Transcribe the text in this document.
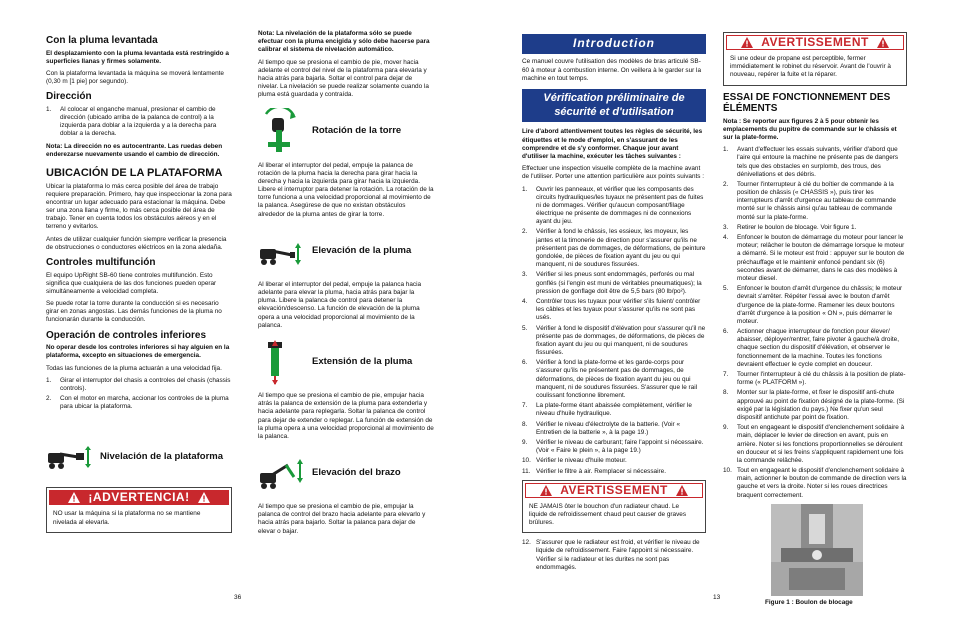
Con la pluma levantada

El desplazamiento con la pluma levantada está restringido a superficies llanas y firmes solamente.

Con la plataforma levantada la máquina se moverá lentamente (0,30 m [1 pie] por segundo).

Dirección
1.	Al colocar el enganche manual, presionar el cambio de dirección (ubicado arriba de la palanca de control) a la izquierda para doblar a la izquierda y a la derecha para doblar a la derecha.

Nota: La dirección no es autocentrante. Las ruedas deben enderezarse nuevamente usando el cambio de dirección.

UBICACIÓN DE LA PLATAFORMA

Ubicar la plataforma lo más cerca posible del área de trabajo requiere preparación. Primero, hay que inspeccionar la zona para encontrar un lugar adecuado para estacionar la máquina. Debe ser una zona llana y firme, lo más cerca posible del área de trabajo. Tener en cuenta todos los obstáculos aéreos y en el terreno y evitarlos.

Antes de utilizar cualquier función siempre verificar la presencia de obstrucciones o conductores eléctricos en la zona aledaña.

Controles multifunción

El equipo UpRight SB-60 tiene controles multifunción. Esto significa que cualquiera de las dos funciones pueden operar simultáneamente a velocidad completa.

Se puede rotar la torre durante la conducción si es necesario girar en zonas angostas. Las demás funciones de la pluma no funcionarán durante la conducción.

Operación de controles inferiores

No operar desde los controles inferiores si hay alguien en la plataforma, excepto en situaciones de emergencia.

Todas las funciones de la pluma actuarán a una velocidad fija.

1.	Girar el interruptor del chasis a controles del chasis (chassis controls).
2.	Con el motor en marcha, accionar los controles de la pluma para ubicar la plataforma.
Nivelación de la plataforma
¡ADVERTENCIA!
NO usar la máquina si la plataforma no se mantiene nivelada al elevarla.
36

Nota: La nivelación de la plataforma sólo se puede efectuar con la pluma encigida y sólo debe hacerse para calibrar el sistema de nivelación automático.

Al tiempo que se presiona el cambio de pie, mover hacia adelante el control del nivel de la plataforma para elevarla y hacia atrás para bajarla. Soltar el control para dejar de nivelar. La nivelación se puede realizar solamente cuando la pluma está guardada y contraída.

Rotación de la torre

Al liberar el interruptor del pedal, empuje la palanca de rotación de la pluma hacia la derecha para girar hacia la derecha y hacia la izquierda para girar hacia la izquierda. Libere el interruptor para detener la rotación. La rotación de la torre funciona a una velocidad proporcional al movimiento de la palanca. Asegúrese de que no existan obstáculos alrededor de la pluma antes de girar la torre.

Elevación de la pluma

Al liberar el interruptor del pedal, empuje la palanca hacia adelante para elevar la pluma, hacia atrás para bajar la pluma. Libere la palanca de control para detener la elevación/descenso. La función de elevación de la pluma opera a una velocidad proporcional al movimiento de la palanca.

Extensión de la pluma

Al tiempo que se presiona el cambio de pie, empujar hacia atrás la palanca de extensión de la pluma para extenderla y hacia adelante para replegarla. Soltar la palanca de control para dejar de extender o replegar. La función de extensión de la pluma opera a una velocidad proporcional al movimiento de la palanca.

Elevación del brazo

Al tiempo que se presiona el cambio de pie, empujar la palanca de control del brazo hacia adelante para elevarlo y hacia atrás para bajarlo. Soltar la palanca para dejar de elevar o bajar.

Introduction

Ce manuel couvre l'utilisation des modèles de bras articulé SB-60 à moteur à combustion interne. On veillera à le garder sur la machine en tout temps.

Vérification préliminaire de sécurité et d'utilisation

Lire d'abord attentivement toutes les règles de sécurité, les étiquettes et le mode d'emploi, en s'assurant de les comprendre et de s'y conformer. Chaque jour avant d'utiliser la machine, exécuter les tâches suivantes :

Effectuer une inspection visuelle complète de la machine avant de l'utiliser. Porter une attention particulière aux points suivants :

1.	Ouvrir les panneaux, et vérifier que les composants des circuits hydrauliques/les tuyaux ne présentent pas de fuites ni de dommages. Vérifier qu'aucun composant/filage électrique ne présente de dommages ni de connexions ayant du jeu.
2.	Vérifier à fond le châssis, les essieux, les moyeux, les jantes et la timonerie de direction pour s'assurer qu'ils ne présentent pas de dommages, de déformations, de peinture gondolée, de pièces de fixation ayant du jeu ou qui manquent, ni de soudures fissurées.
3.	Vérifier si les pneus sont endommagés, perforés ou mal gonflés (si l'engin est muni de véritables pneumatiques); la pression de gonflage doit être de 5,5 bars (80 lb/po²).
4.	Contrôler tous les tuyaux pour vérifier s'ils fuient/ contrôler les câbles et les tuyaux pour s'assurer qu'ils ne sont pas usés.
5.	Vérifier à fond le dispositif d'élévation pour s'assurer qu'il ne présente pas de dommages, de déformations, de pièces de fixation ayant du jeu ou qui manquent, ni de soudures fissurées.
6.	Vérifier à fond la plate-forme et les garde-corps pour s'assurer qu'ils ne présentent pas de dommages, de déformations, de pièces de fixation ayant du jeu ou qui manquent, ni de soudures fissurées. S'assurer que le rail coulissant fonctionne librement.
7.	La plate-forme étant abaissée complètement, vérifier le niveau d'huile hydraulique.
8.	Vérifier le niveau d'électrolyte de la batterie. (Voir « Entretien de la batterie », à la page 19.)
9.	Vérifier le niveau de carburant; faire l'appoint si nécessaire. (Voir « Faire le plein », à la page 19.)
10. Vérifier le niveau d'huile moteur.
11. Vérifier le filtre à air. Remplacer si nécessaire.
AVERTISSEMENT
NE JAMAIS ôter le bouchon d'un radiateur chaud. Le liquide de refroidissement chaud peut causer de graves brûlures.
12. S'assurer que le radiateur est froid, et vérifier le niveau de liquide de refroidissement. Faire l'appoint si nécessaire. Vérifier si le radiateur et les durites ne sont pas endommagés.
AVERTISSEMENT
Si une odeur de propane est perceptible, fermer immédiatement le robinet du réservoir. Avant de l'ouvrir à nouveau, repérer la fuite et la réparer.
ESSAI DE FONCTIONNEMENT DES ÉLÉMENTS

Nota : Se reporter aux figures 2 à 5 pour obtenir les emplacements du pupitre de commande sur le châssis et sur la plate-forme.

1.	Avant d'effectuer les essais suivants, vérifier d'abord que l'aire qui entoure la machine ne présente pas de dangers tels que des obstacles en surplomb, des trous, des dénivellations et des débris.
2.	Tourner l'interrupteur à clé du boîtier de commande à la position de châssis (« CHASSIS »), puis tirer les interrupteurs d'arrêt d'urgence au tableau de commande monté sur le châssis ainsi qu'au tableau de commande monté sur la plate-forme.
3.	Retirer le boulon de blocage. Voir figure 1.
4.	Enfoncer le bouton de démarrage du moteur pour lancer le moteur; relâcher le bouton de démarrage lorsque le moteur a démarré. Si le moteur est froid : appuyer sur le bouton de préchauffage et le maintenir enfoncé pendant six (6) secondes avant de démarrer, dans le cas des modèles à moteur diesel.
5.	Enfoncer le bouton d'arrêt d'urgence du châssis; le moteur devrait s'arrêter. Répéter l'essai avec le bouton d'arrêt d'urgence de la plate-forme. Ramener les deux boutons d'arrêt d'urgence à la position « ON », puis démarrer le moteur.
6.	Actionner chaque interrupteur de fonction pour élever/ abaisser, déployer/rentrer, faire pivoter à gauche/à droite, chaque section du dispositif d'élévation, et observer le fonctionnement de la machine. Toutes les fonctions devraient effectuer le cycle complet en douceur.
7.	Tourner l'interrupteur à clé du châssis à la position de plate-forme (« PLATFORM »).
8.	Monter sur la plate-forme, et fixer le dispositif anti-chute approuvé au point de fixation désigné de la plate-forme. (Si exigé par la législation du pays.) Ne fixer qu'un seul dispositif antichute par point de fixation.
9.	Tout en engageant le dispositif d'enclenchement solidaire à main, déplacer le levier de direction en avant, puis en arrière. Noter si les fonctions proportionnelles se déroulent en douceur et si les freins s'appliquent rapidement une fois la commande relâchée.
10. Tout en engageant le dispositif d'enclenchement solidaire à main, actionner le bouton de commande de direction vers la gauche et vers la droite. Noter si les roues directrices braquent correctement.
Figure 1 : Boulon de blocage
13
